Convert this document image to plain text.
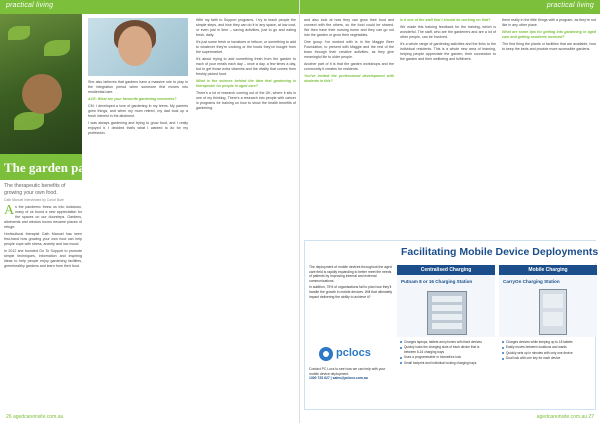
practical living
The garden path
The therapeutic benefits of growing your own food.
Cath Manuel interviewed by Conor Bute

As the pandemic threw us into lockdown, many of us found a new appreciation for the spaces on our doorsteps. Gardens, allotments and window boxes became places of refuge.

Horticultural therapist Cath Manuel has seen first-hand how growing your own food can help people cope with stress, anxiety and low mood.

In 2012 she founded Go To Support to promote simple techniques, information and inspiring ideas to help people enjoy gardening facilities, greenhealthy gardens and learn from their food.

She also believes that gardens have a massive role to play in the integration period when someone first moves into residential care.

ACE: What are your favourite gardening memories?

CM: I developed a love of gardening in my teens. My parents grew things, and when my mum retired, my dad took up a fresh interest in the allotment.

I was always gardening and trying to grow food, and I really enjoyed it. I decided that's what I wanted to do for my profession.

With my faith to Support programs, I try to teach people the simple steps, and how they can do it in any space, at low cost, or even just in time – saving activities, just to go and eating fresh, daily.

It's just some fresh or tomatoes or lettuce, or something to add to whatever they're cooking or the foods they've bought from the supermarket.

It's about trying to add something fresh from the garden to each of your meals each day – once a day, a few times a day, but to get those extra vitamins and the vitality that comes from freshly picked food.

What is the science behind the idea that gardening is therapeutic for people in aged care?

There's a lot of research coming out of the UK, where it sits in one of my thinking. There's a research into people with cancer in programs for training on how to show the health benefits of gardening.

26 agedcareinsite.com.au
practical living

and also look at how they can grow their food and connect with the others, so the food could be shared. We then have their nursing home and they can go out into the garden or grow their vegetables.

One group I've worked with is in the Maggie Beer Foundation, to present with Maggie and the rest of the team through their creative activities, as they give meaningful life to older people.

Another part of it is that the garden workshops and the community it creates for residents.

You've invited the professional development with students in this?

Is it one of the staff that I should be working on that?

We made this training feedback for the training, which is wonderful. The staff, who are the gardeners and are a lot of other people, can be involved.

It's a whole range of gardening activities and the links to the individual residents. This is a whole new area of learning, helping people appreciate the garden, their connection to the garden and their wellbeing and fulfilment.

them really in the little things with a program, as they're not like in any other place.

What are some tips for getting into gardening in aged care and getting residents involved?

The first thing the plants or facilities that are available, how to keep the beds and provide more accessible gardens.

Facilitating Mobile Device Deployments

The deployment of mobile devices throughout the aged care field is rapidly expanding to better meet the needs of patients by improving internal and external communications.

In addition, 75% of organisations fail to plan how they'll handle the growth in mobile devices. Will that ultimately impact delivering the ability to achieve it?

pclocs

Contact PC Locs to see how we can help with your mobile device deployment.

1300 725 627 | sales@pclocs.com.au

Centralised Charging
Putnam 8 or 16 Charging Station
Charges laptops, tablets and phones with fixed devices
Quickly locks the charging slots of each device that is between 8-16 charging bays
Uses a programmable or biometrics lock
Small footprint and individual locking charging bays
Mobile Charging
CarryOn Charging Station
Charges devices while keeping up to 18 tablets
Easily moves between locations and wards
Quickly sets up in minutes with only one device
Dual lock with one key for each device
agedcareinsite.com.au 27
